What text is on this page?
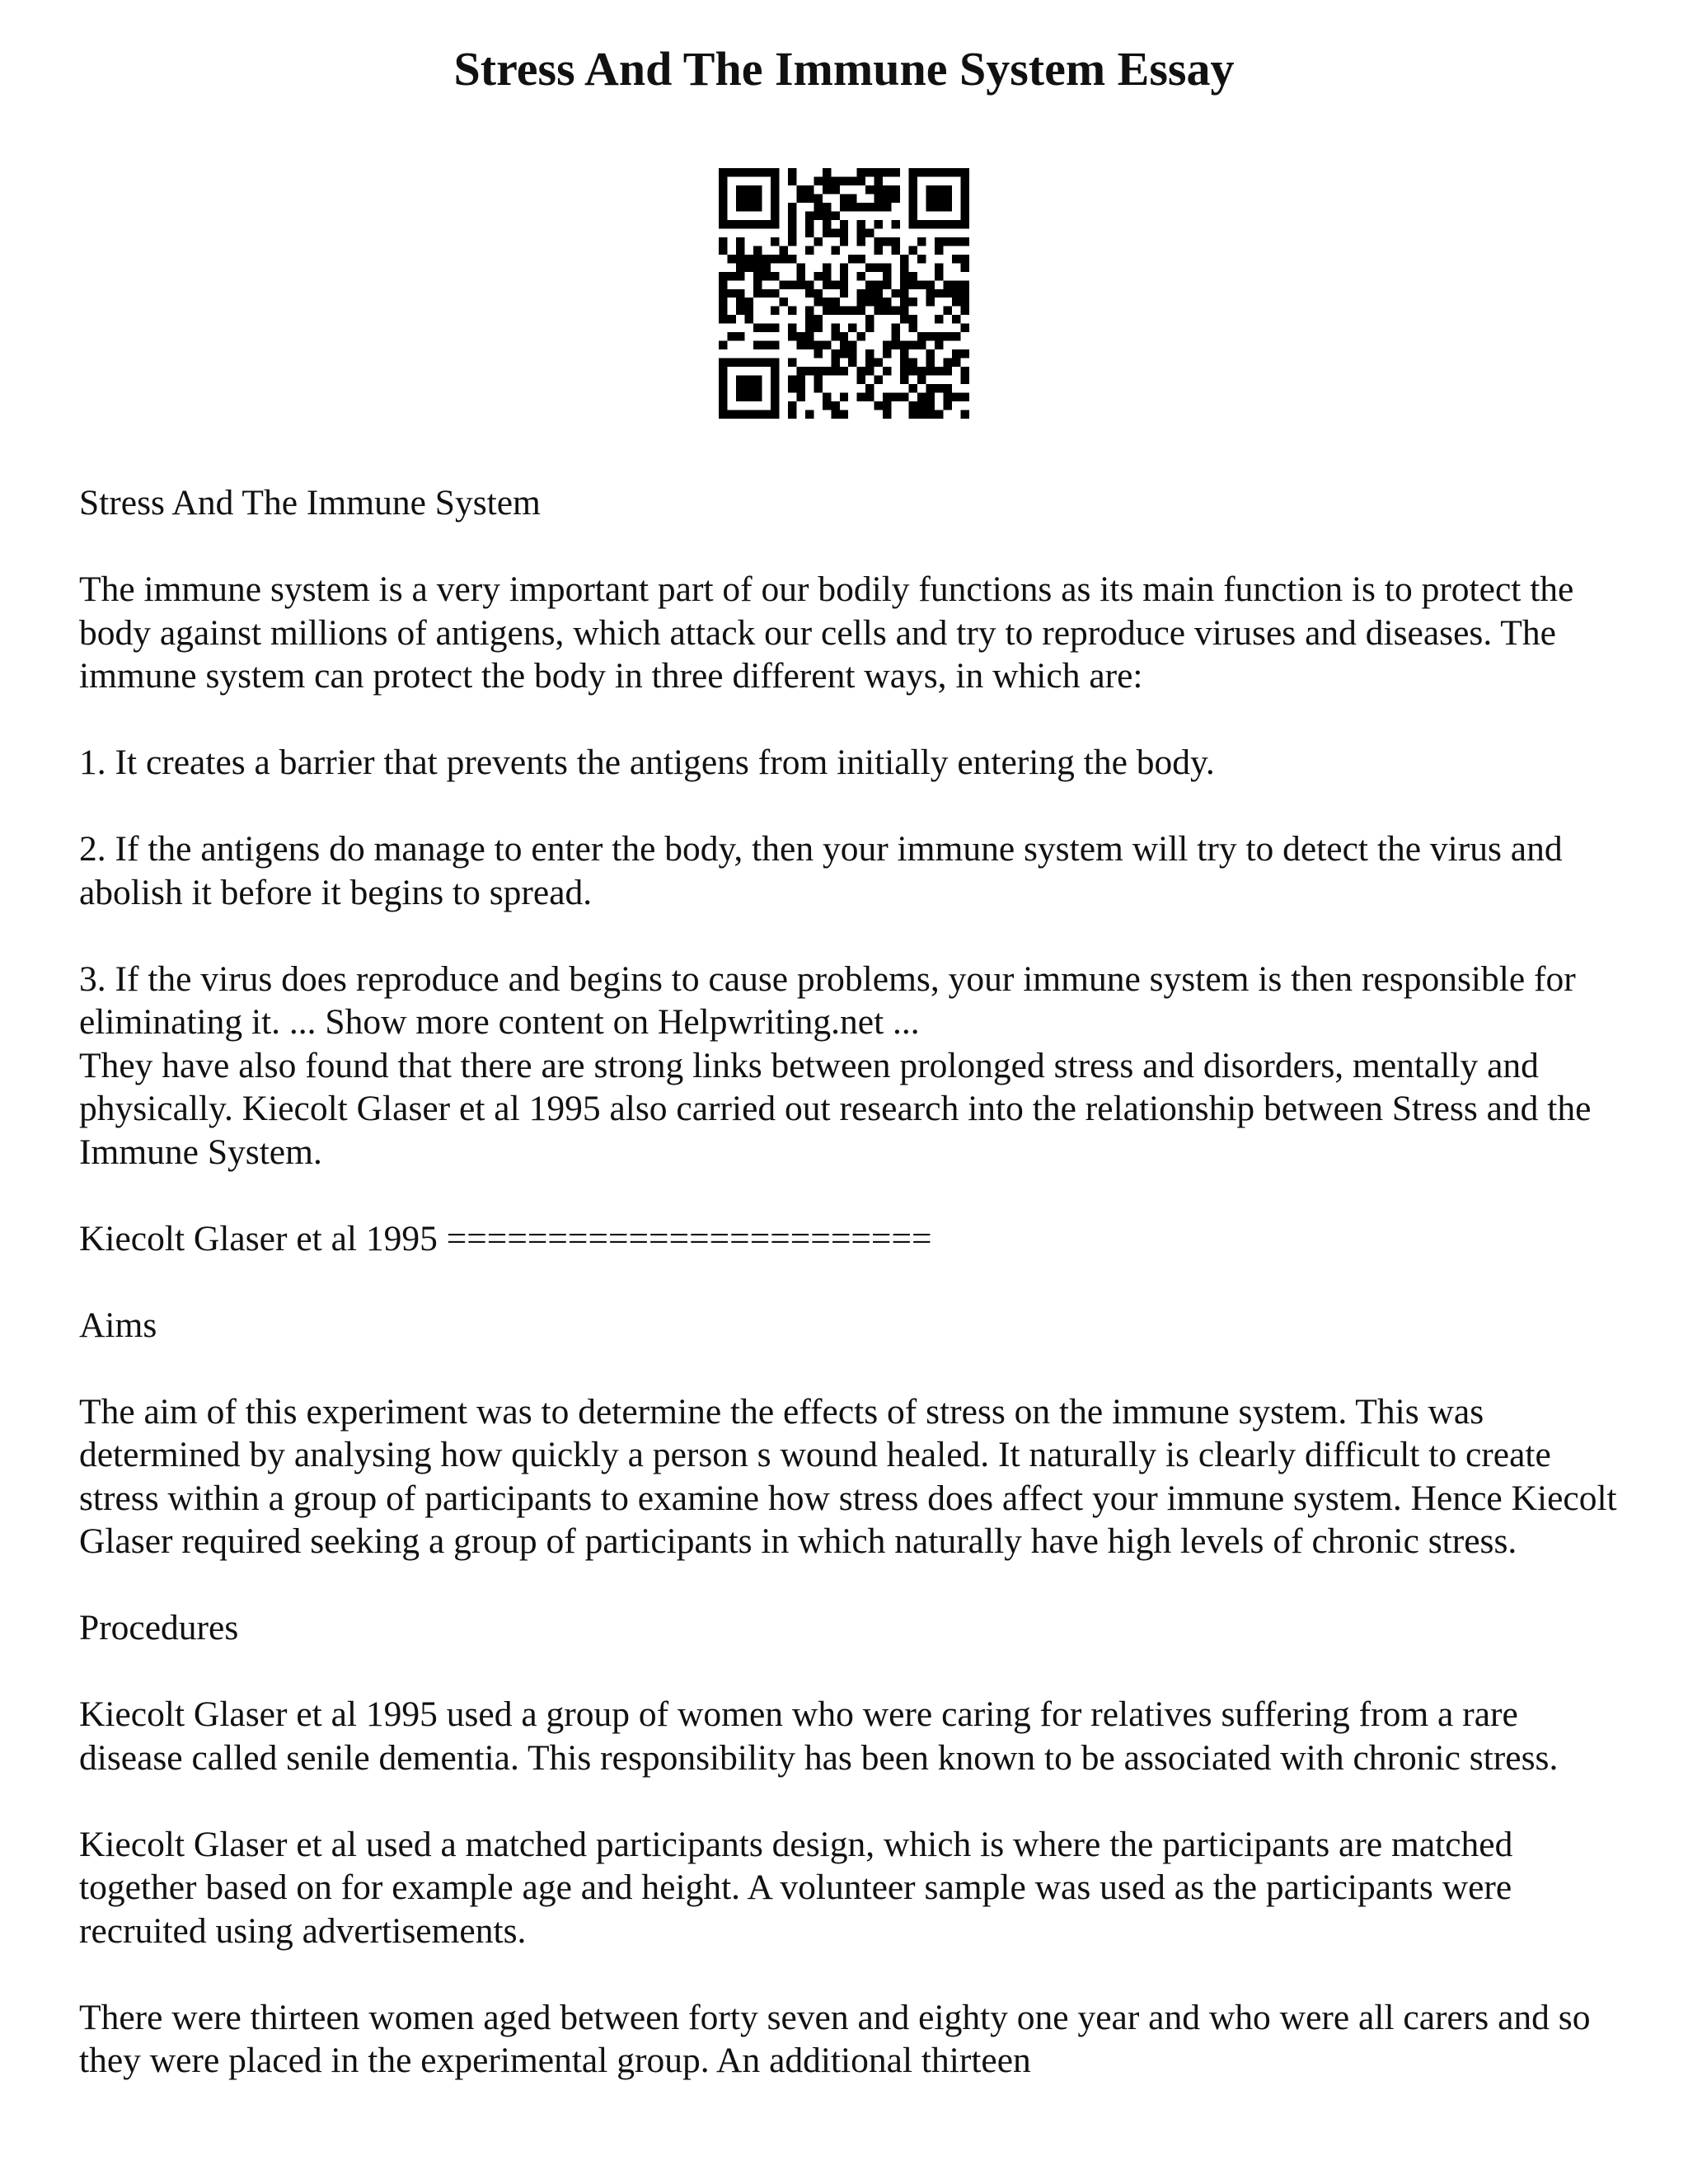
Stress And The Immune System Essay

Stress And The Immune System

The immune system is a very important part of our bodily functions as its main function is to protect the body against millions of antigens, which attack our cells and try to reproduce viruses and diseases. The immune system can protect the body in three different ways, in which are:

1. It creates a barrier that prevents the antigens from initially entering the body.

2. If the antigens do manage to enter the body, then your immune system will try to detect the virus and abolish it before it begins to spread.

3. If the virus does reproduce and begins to cause problems, your immune system is then responsible for eliminating it. ... Show more content on Helpwriting.net ...

They have also found that there are strong links between prolonged stress and disorders, mentally and physically. Kiecolt Glaser et al 1995 also carried out research into the relationship between Stress and the Immune System.

Kiecolt Glaser et al 1995 ========================

Aims

The aim of this experiment was to determine the effects of stress on the immune system. This was determined by analysing how quickly a person s wound healed. It naturally is clearly difficult to create stress within a group of participants to examine how stress does affect your immune system. Hence Kiecolt Glaser required seeking a group of participants in which naturally have high levels of chronic stress.

Procedures

Kiecolt Glaser et al 1995 used a group of women who were caring for relatives suffering from a rare disease called senile dementia. This responsibility has been known to be associated with chronic stress.

Kiecolt Glaser et al used a matched participants design, which is where the participants are matched together based on for example age and height. A volunteer sample was used as the participants were recruited using advertisements.

There were thirteen women aged between forty seven and eighty one year and who were all carers and so they were placed in the experimental group. An additional thirteen
